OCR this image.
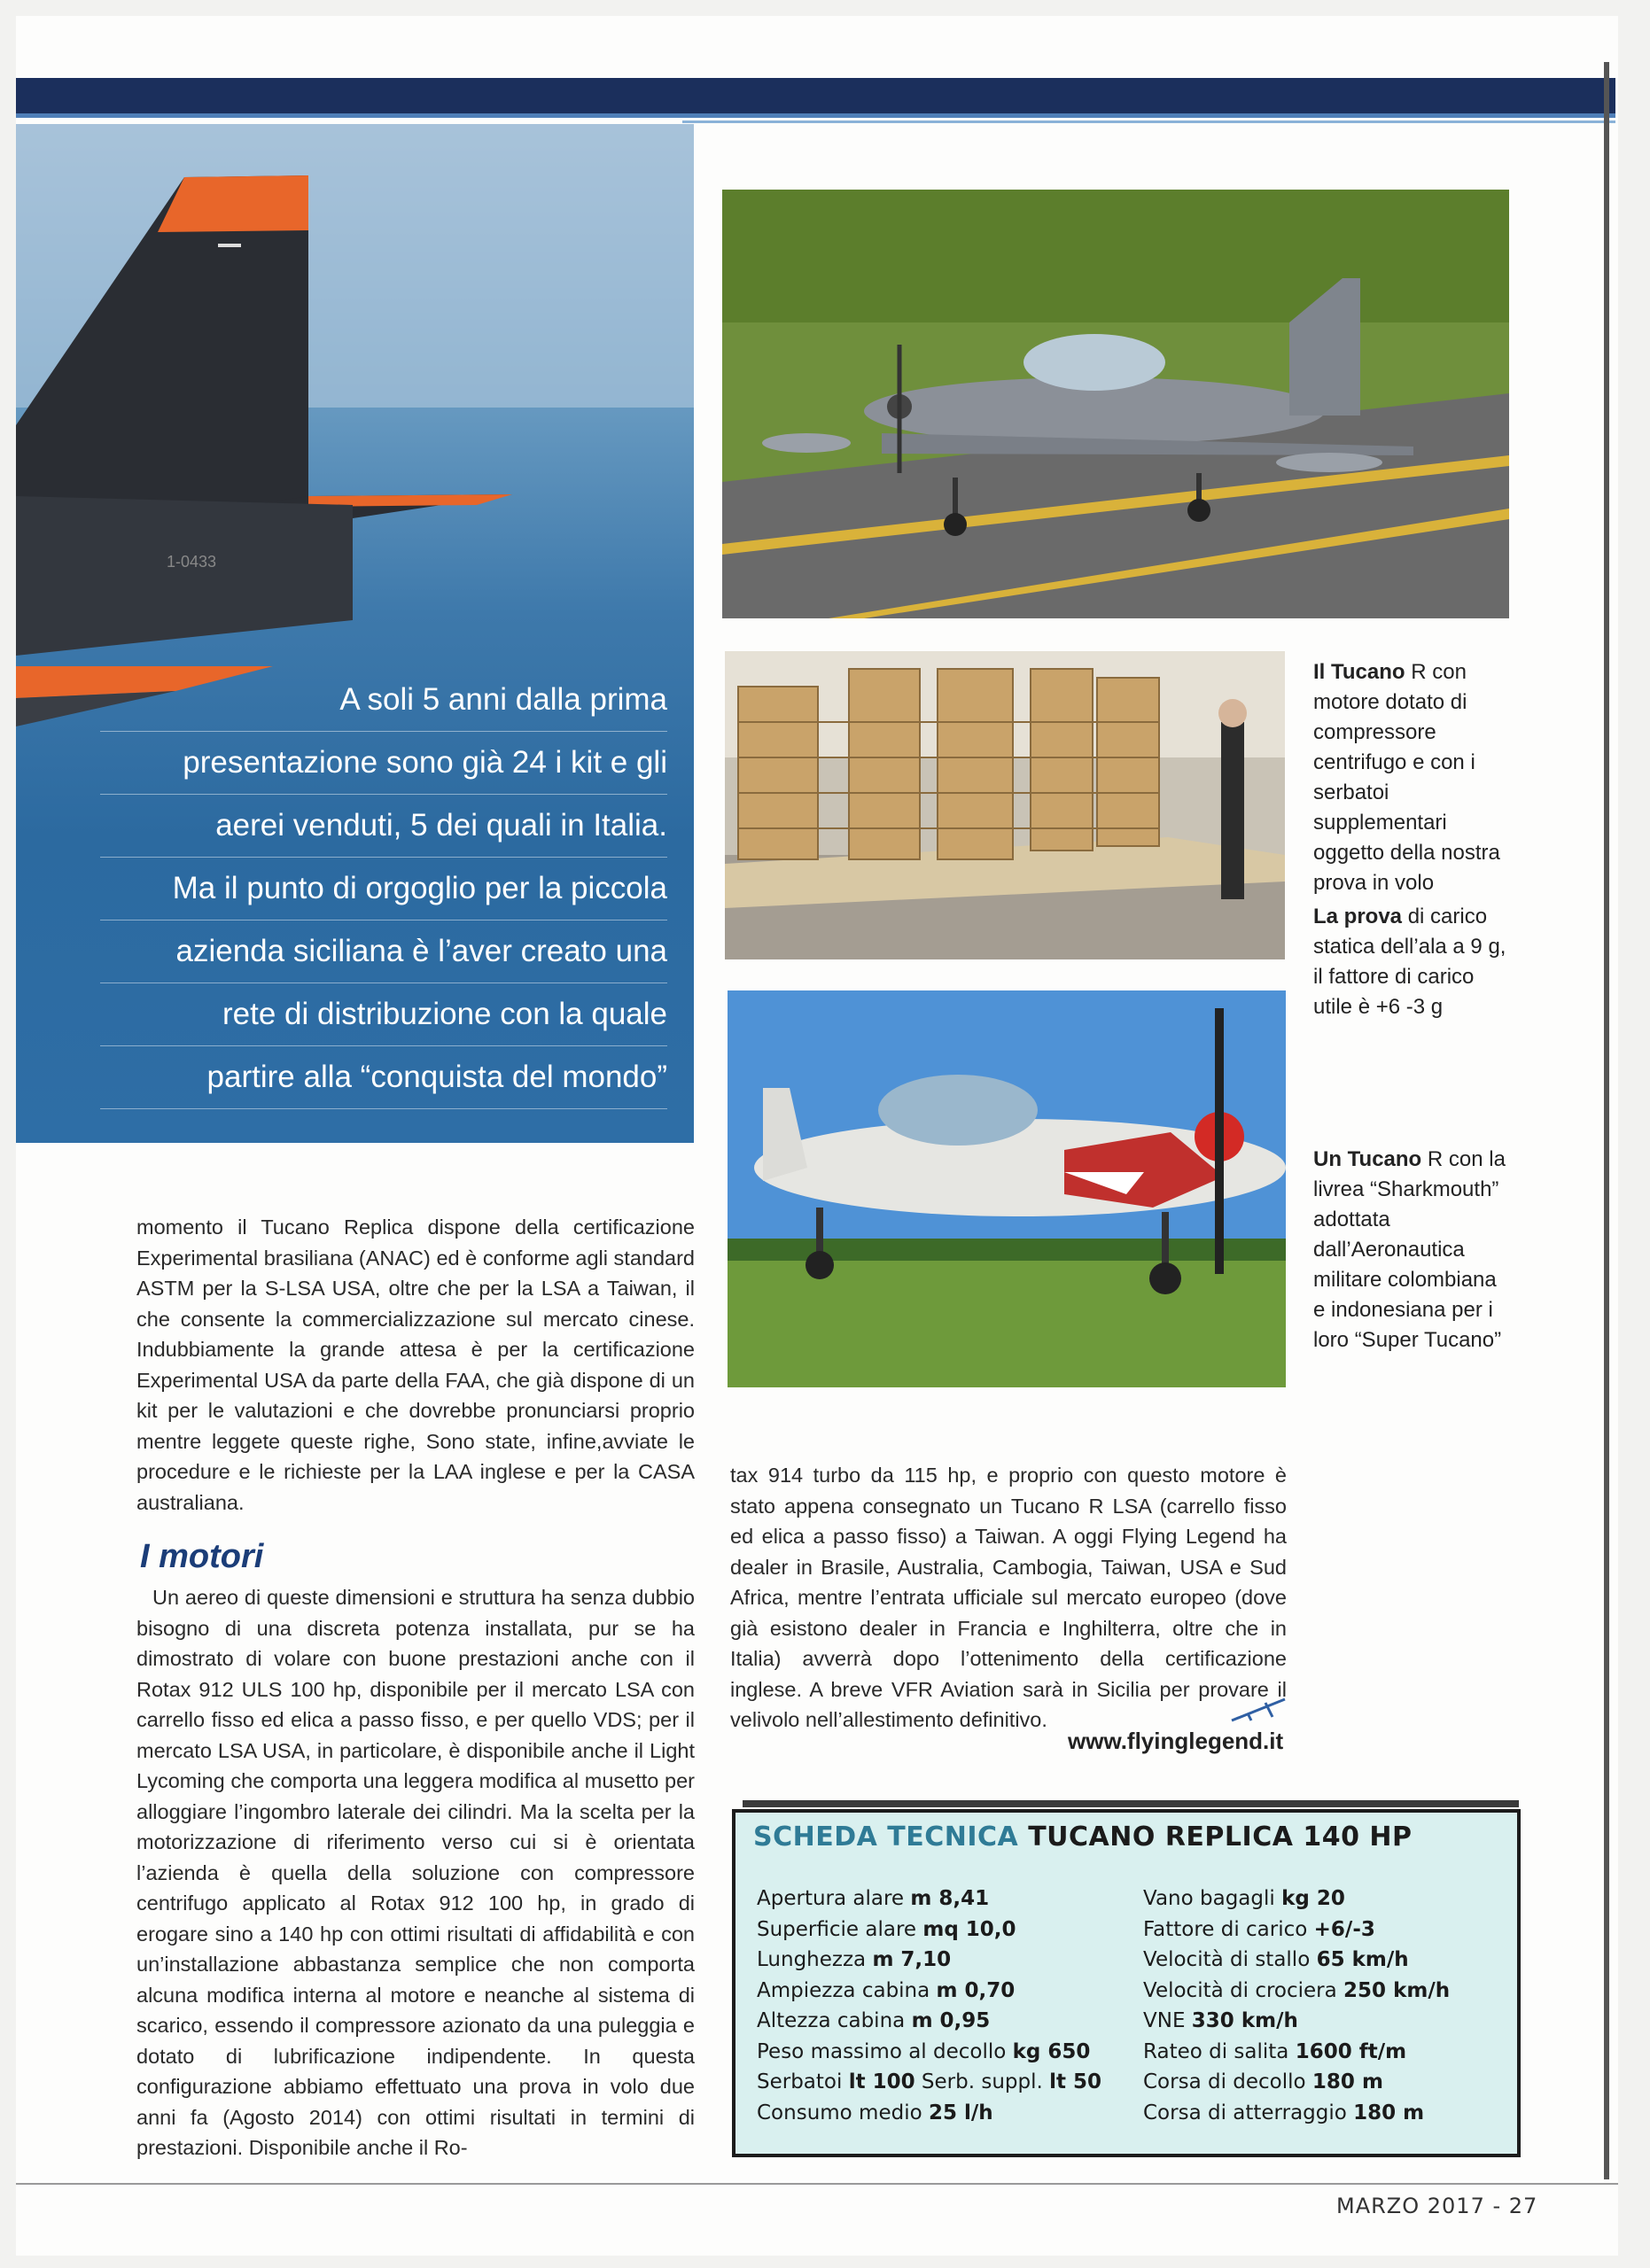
1-0433
A soli 5 anni dalla prima
presentazione sono già 24 i kit e gli
aerei venduti, 5 dei quali in Italia.
Ma il punto di orgoglio per la piccola
azienda siciliana è l’aver creato una
rete di distribuzione con la quale
partire alla “conquista del mondo”
Il Tucano R con motore dotato di compressore centrifugo e con i serbatoi supplementari oggetto della nostra prova in volo
La prova di carico statica dell’ala a 9 g, il fattore di carico utile è +6 -3 g
Un Tucano R con la livrea “Sharkmouth” adottata dall’Aeronautica militare colombiana e indonesiana per i loro “Super Tucano”

momento il Tucano Replica dispone della certificazione Experimental brasiliana (ANAC) ed è conforme agli standard ASTM per la S-LSA USA, oltre che per la LSA a Taiwan, il che consente la commercializzazione sul mercato cinese. Indubbiamente la grande attesa è per la certificazione Experimental USA da parte della FAA, che già dispone di un kit per le valutazioni e che dovrebbe pronunciarsi proprio mentre leggete queste righe, Sono state, infine,avviate le procedure e le richieste per la LAA inglese e per la CASA australiana.

I motori

Un aereo di queste dimensioni e struttura ha senza dubbio bisogno di una discreta potenza installata, pur se ha dimostrato di volare con buone prestazioni anche con il Rotax 912 ULS 100 hp, disponibile per il mercato LSA con carrello fisso ed elica a passo fisso, e per quello VDS; per il mercato LSA USA, in particolare, è disponibile anche il Light Lycoming che comporta una leggera modifica al musetto per alloggiare l’ingombro laterale dei cilindri. Ma la scelta per la motorizzazione di riferimento verso cui si è orientata l’azienda è quella della soluzione con compressore centrifugo applicato al Rotax 912 100 hp, in grado di erogare sino a 140 hp con ottimi risultati di affidabilità e con un’installazione abbastanza semplice che non comporta alcuna modifica interna al motore e neanche al sistema di scarico, essendo il compressore azionato da una puleggia e dotato di lubrificazione indipendente. In questa configurazione abbiamo effettuato una prova in volo due anni fa (Agosto 2014) con ottimi risultati in termini di prestazioni. Disponibile anche il Ro-

tax 914 turbo da 115 hp, e proprio con questo motore è stato appena consegnato un Tucano R LSA (carrello fisso ed elica a passo fisso) a Taiwan. A oggi Flying Legend ha dealer in Brasile, Australia, Cambogia, Taiwan, USA e Sud Africa, mentre l’entrata ufficiale sul mercato europeo (dove già esistono dealer in Francia e Inghilterra, oltre che in Italia) avverrà dopo l’ottenimento della certificazione inglese. A breve VFR Aviation sarà in Sicilia per provare il velivolo nell’allestimento definitivo.

www.flyinglegend.it
SCHEDA TECNICA TUCANO REPLICA 140 HP
Apertura alare m 8,41
Superficie alare mq 10,0
Lunghezza m 7,10
Ampiezza cabina m 0,70
Altezza cabina m 0,95
Peso massimo al decollo kg 650
Serbatoi lt 100 Serb. suppl. lt 50
Consumo medio 25 l/h
Vano bagagli kg 20
Fattore di carico +6/-3
Velocità di stallo 65 km/h
Velocità di crociera 250 km/h
VNE 330 km/h
Rateo di salita 1600 ft/m
Corsa di decollo 180 m
Corsa di atterraggio 180 m
MARZO 2017 - 27
